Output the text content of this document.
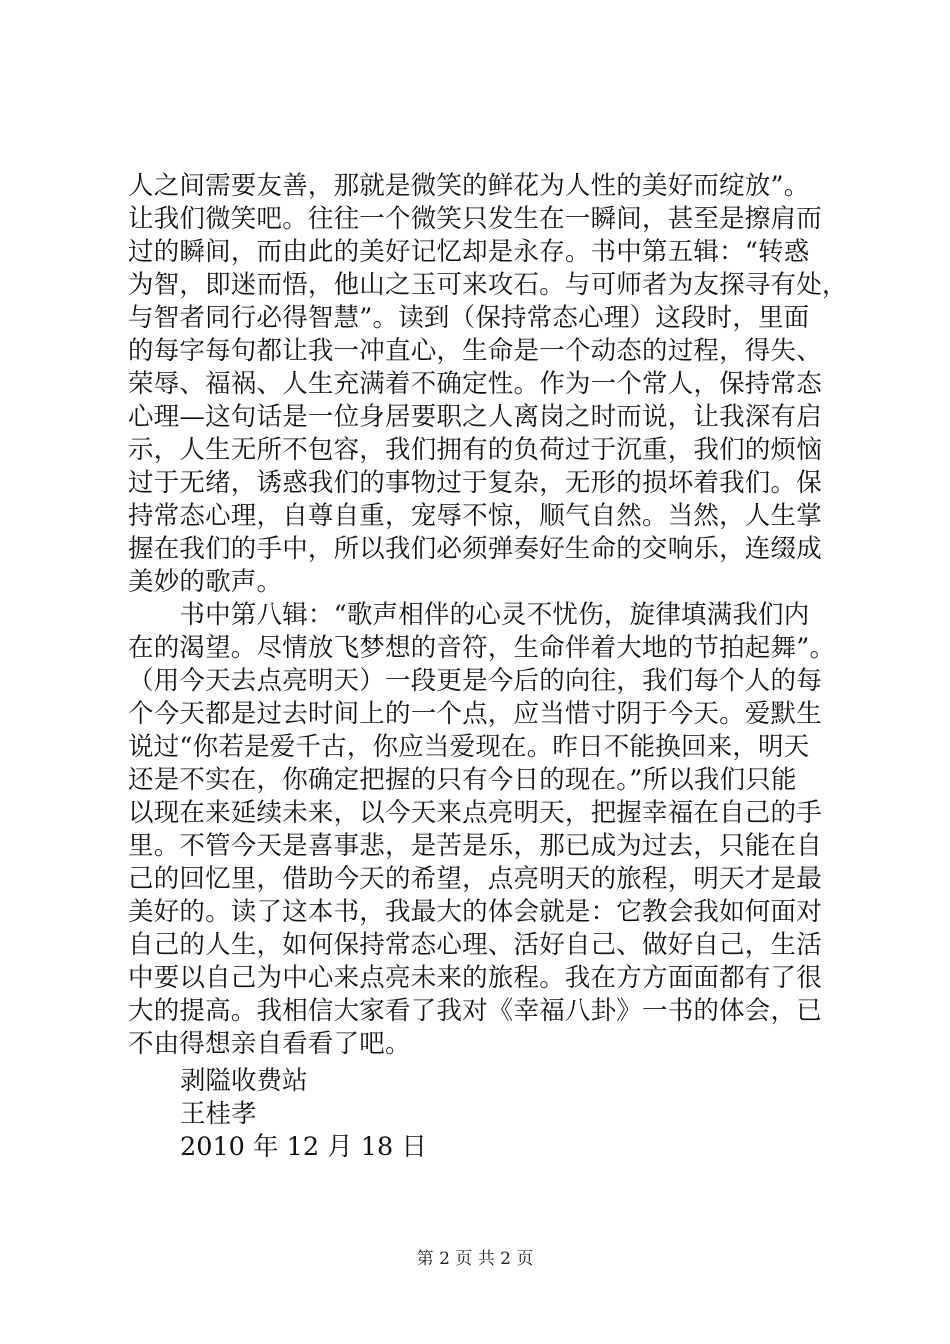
人之间需要友善，那就是微笑的鲜花为人性的美好而绽放”。
让我们微笑吧。往往一个微笑只发生在一瞬间，甚至是擦肩而
过的瞬间，而由此的美好记忆却是永存。书中第五辑：“转惑
为智，即迷而悟，他山之玉可来攻石。与可师者为友探寻有处，
与智者同行必得智慧”。读到（保持常态心理）这段时，里面
的每字每句都让我一冲直心，生命是一个动态的过程，得失、
荣辱、福祸、人生充满着不确定性。作为一个常人，保持常态
心理—这句话是一位身居要职之人离岗之时而说，让我深有启
示，人生无所不包容，我们拥有的负荷过于沉重，我们的烦恼
过于无绪，诱惑我们的事物过于复杂，无形的损坏着我们。保
持常态心理，自尊自重，宠辱不惊，顺气自然。当然，人生掌
握在我们的手中，所以我们必须弹奏好生命的交响乐，连缀成
美妙的歌声。
　　书中第八辑：“歌声相伴的心灵不忧伤，旋律填满我们内
在的渴望。尽情放飞梦想的音符，生命伴着大地的节拍起舞”。
（用今天去点亮明天）一段更是今后的向往，我们每个人的每
个今天都是过去时间上的一个点，应当惜寸阴于今天。爱默生
说过“你若是爱千古，你应当爱现在。昨日不能换回来，明天
还是不实在，你确定把握的只有今日的现在。”所以我们只能
以现在来延续未来，以今天来点亮明天，把握幸福在自己的手
里。不管今天是喜事悲，是苦是乐，那已成为过去，只能在自
己的回忆里，借助今天的希望，点亮明天的旅程，明天才是最
美好的。读了这本书，我最大的体会就是：它教会我如何面对
自己的人生，如何保持常态心理、活好自己、做好自己，生活
中要以自己为中心来点亮未来的旅程。我在方方面面都有了很
大的提高。我相信大家看了我对《幸福八卦》一书的体会，已
不由得想亲自看看了吧。
剥隘收费站
王桂孝
2010 年 12 月 18 日
第 2 页 共 2 页
